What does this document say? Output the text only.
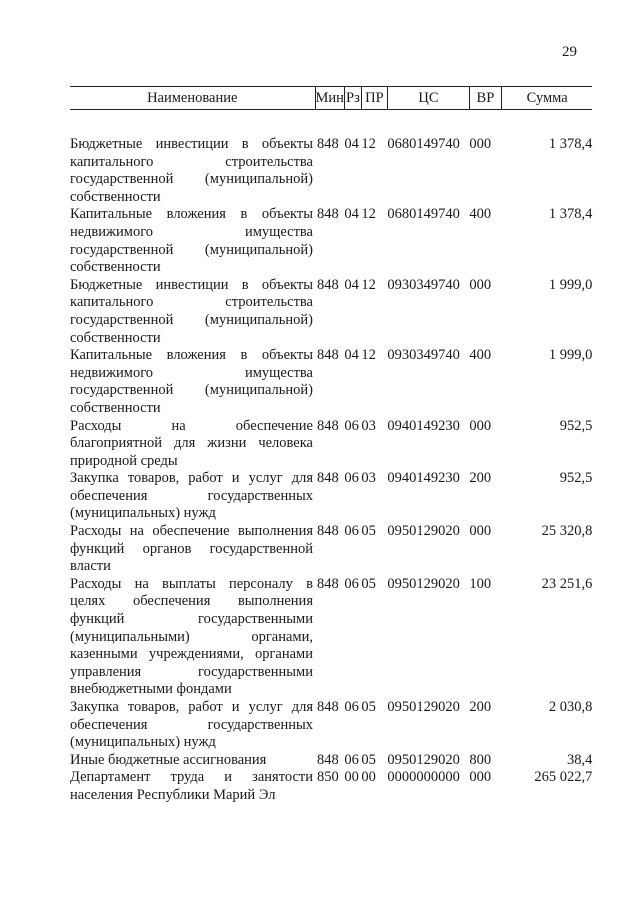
29
Наименование	Мин	Рз	ПР	ЦС	ВР	Сумма

Бюджетные инвестиции в объекты капитального строительства государственной (муниципальной) собственности	848	04	12	0680149740	000	1 378,4
Капитальные вложения в объекты недвижимого имущества государственной (муниципальной) собственности	848	04	12	0680149740	400	1 378,4
Бюджетные инвестиции в объекты капитального строительства государственной (муниципальной) собственности	848	04	12	0930349740	000	1 999,0
Капитальные вложения в объекты недвижимого имущества государственной (муниципальной) собственности	848	04	12	0930349740	400	1 999,0
Расходы на обеспечение благоприятной для жизни человека природной среды	848	06	03	0940149230	000	952,5
Закупка товаров, работ и услуг для обеспечения государственных (муниципальных) нужд	848	06	03	0940149230	200	952,5
Расходы на обеспечение выполнения функций органов государственной власти	848	06	05	0950129020	000	25 320,8
Расходы на выплаты персоналу в целях обеспечения выполнения функций государственными (муниципальными) органами, казенными учреждениями, органами управления государственными внебюджетными фондами	848	06	05	0950129020	100	23 251,6
Закупка товаров, работ и услуг для обеспечения государственных (муниципальных) нужд	848	06	05	0950129020	200	2 030,8
Иные бюджетные ассигнования	848	06	05	0950129020	800	38,4
Департамент труда и занятости населения Республики Марий Эл	850	00	00	0000000000	000	265 022,7
